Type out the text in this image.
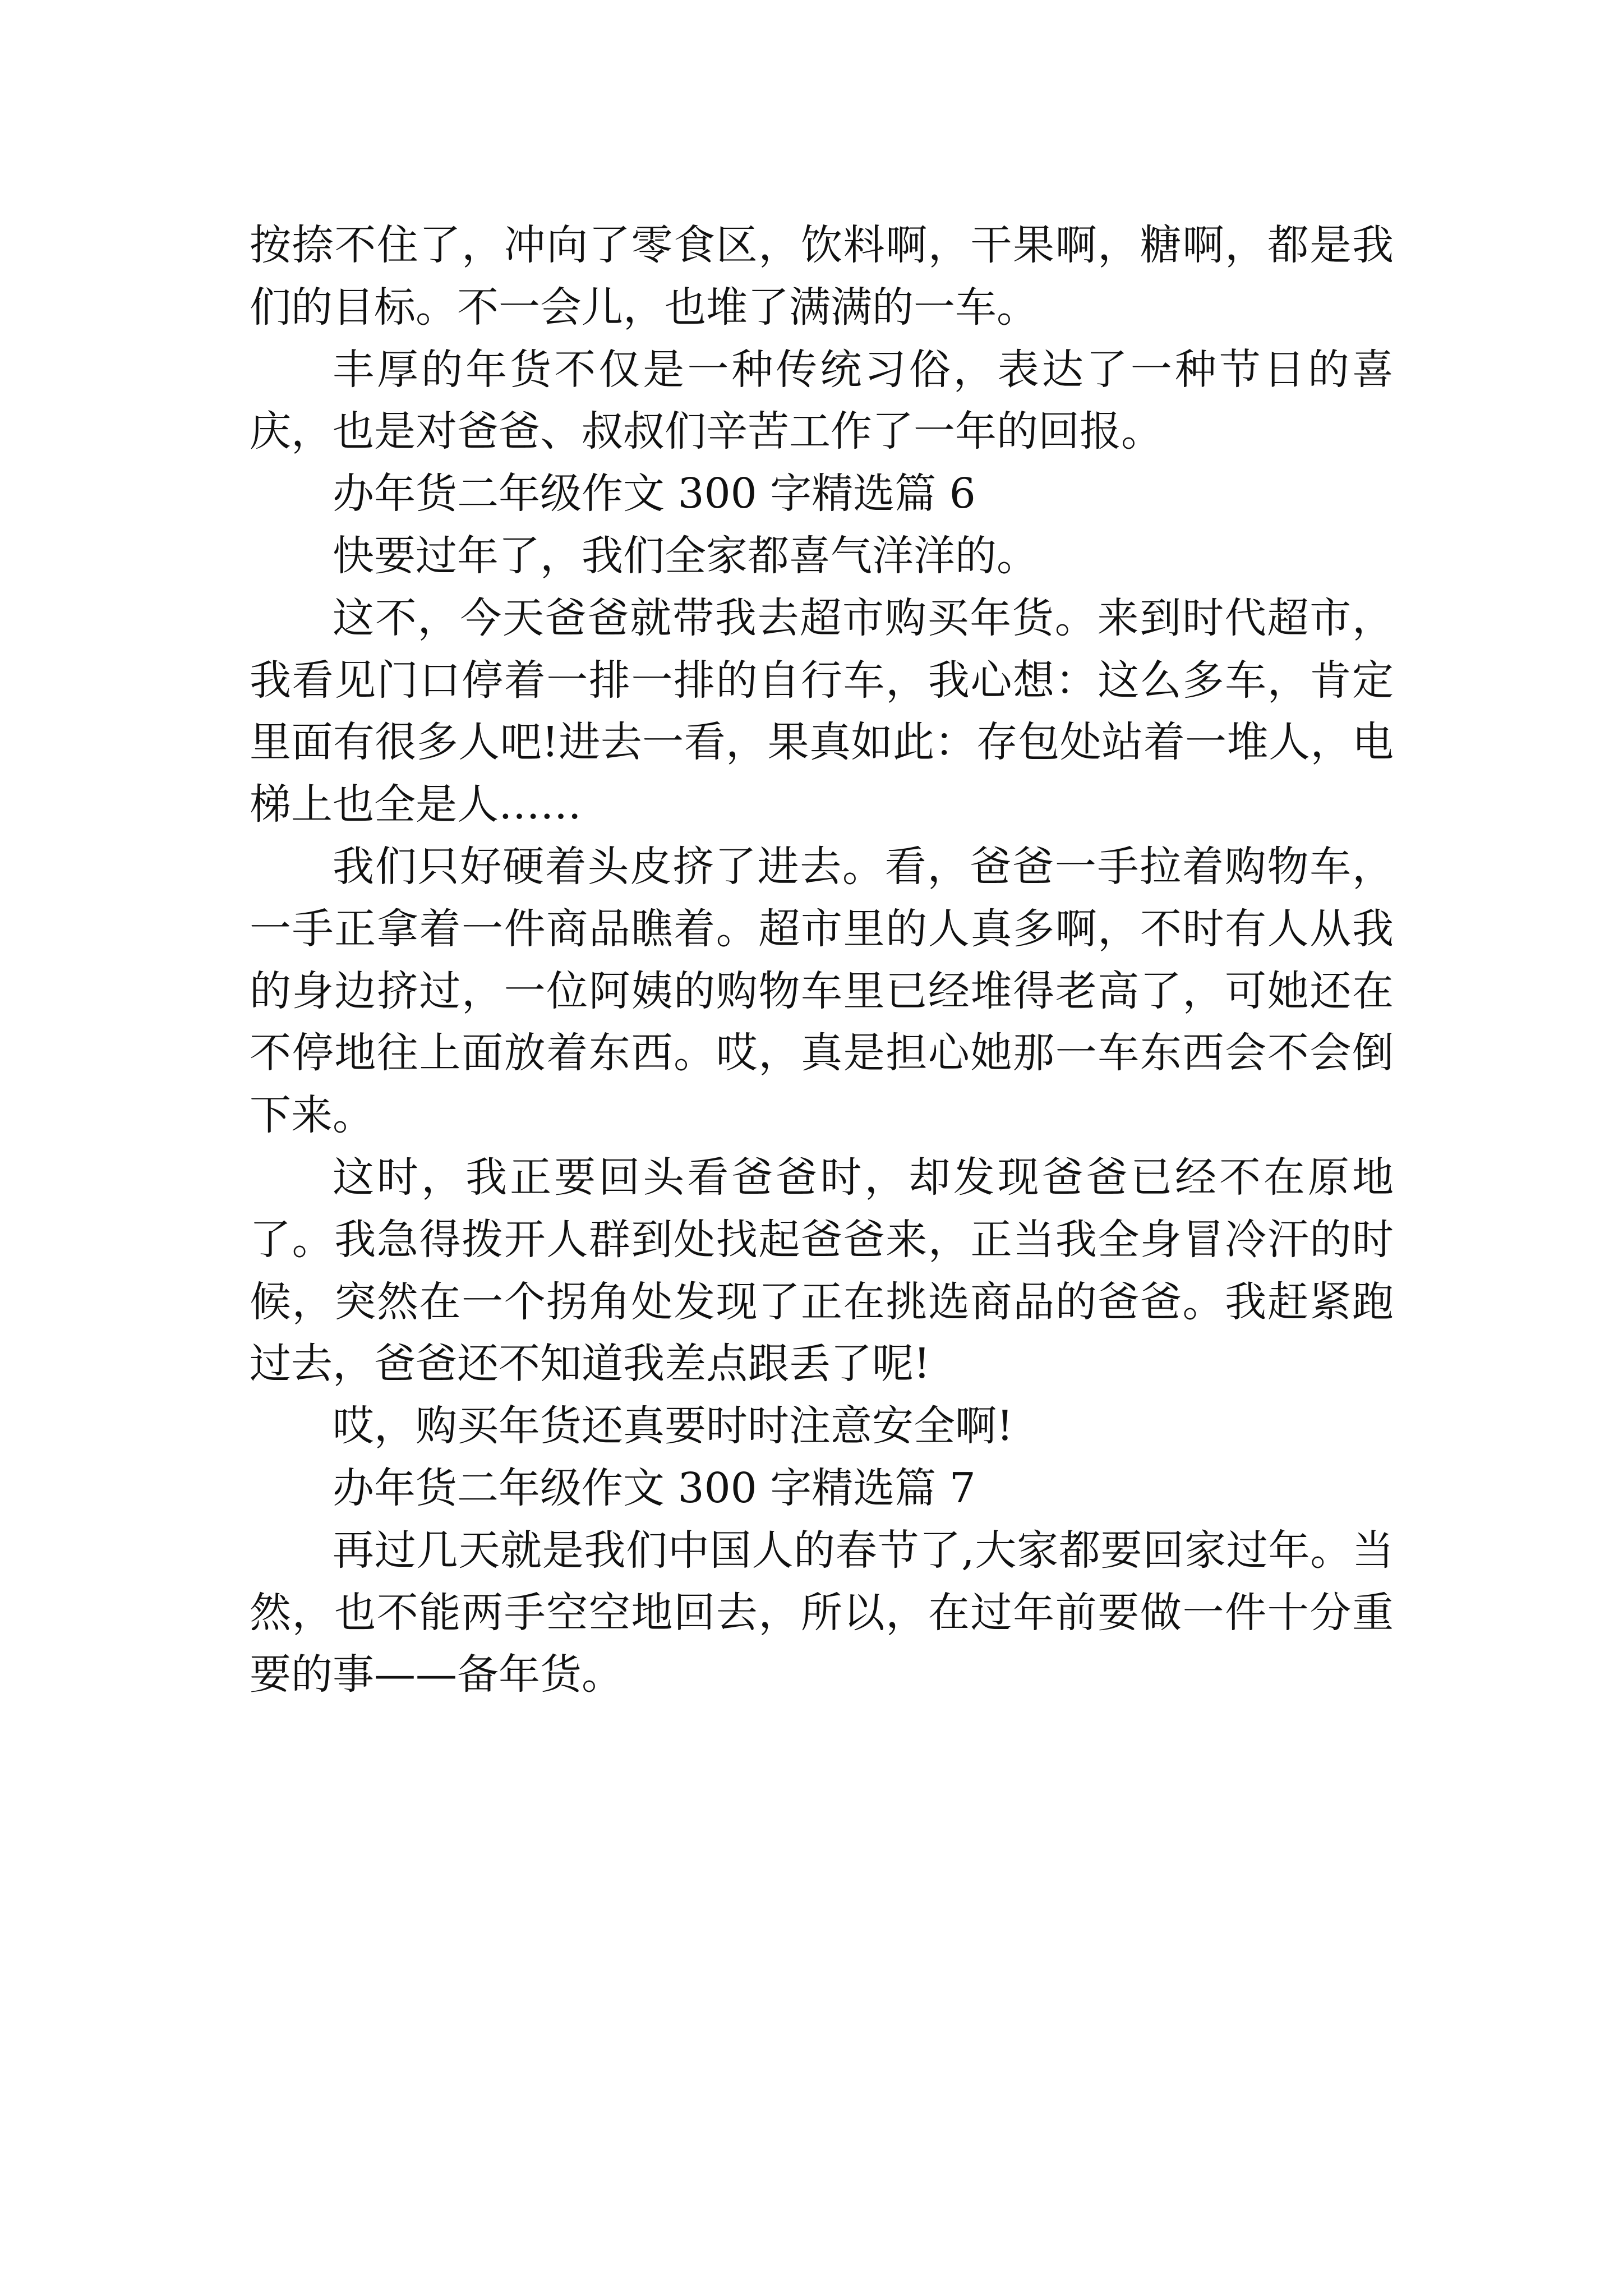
按捺不住了，冲向了零食区，饮料啊，干果啊，糖啊，都是我们的目标。不一会儿，也堆了满满的一车。

丰厚的年货不仅是一种传统习俗，表达了一种节日的喜庆，也是对爸爸、叔叔们辛苦工作了一年的回报。

办年货二年级作文 300 字精选篇 6

快要过年了，我们全家都喜气洋洋的。

这不，今天爸爸就带我去超市购买年货。来到时代超市，我看见门口停着一排一排的自行车，我心想：这么多车，肯定里面有很多人吧!进去一看，果真如此：存包处站着一堆人，电梯上也全是人……

我们只好硬着头皮挤了进去。看，爸爸一手拉着购物车，一手正拿着一件商品瞧着。超市里的人真多啊，不时有人从我的身边挤过，一位阿姨的购物车里已经堆得老高了，可她还在不停地往上面放着东西。哎，真是担心她那一车东西会不会倒下来。

这时，我正要回头看爸爸时，却发现爸爸已经不在原地了。我急得拨开人群到处找起爸爸来，正当我全身冒冷汗的时候，突然在一个拐角处发现了正在挑选商品的爸爸。我赶紧跑过去，爸爸还不知道我差点跟丢了呢!

哎，购买年货还真要时时注意安全啊!

办年货二年级作文 300 字精选篇 7

再过几天就是我们中国人的春节了,大家都要回家过年。当然，也不能两手空空地回去，所以，在过年前要做一件十分重要的事——备年货。
